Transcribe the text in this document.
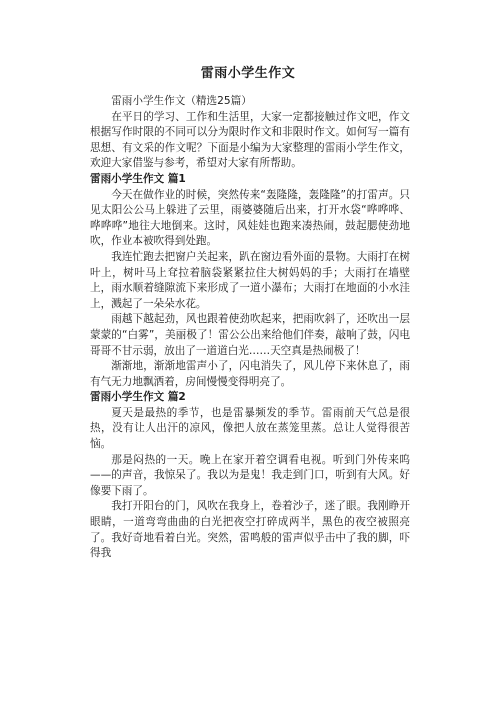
雷雨小学生作文

雷雨小学生作文（精选25篇）

在平日的学习、工作和生活里，大家一定都接触过作文吧，作文根据写作时限的不同可以分为限时作文和非限时作文。如何写一篇有思想、有文采的作文呢？下面是小编为大家整理的雷雨小学生作文，欢迎大家借鉴与参考，希望对大家有所帮助。

雷雨小学生作文 篇1

今天在做作业的时候，突然传来“轰隆隆，轰隆隆”的打雷声。只见太阳公公马上躲进了云里，雨婆婆随后出来，打开水袋“哗哗哗、哗哗哗”地往大地倒来。这时，风娃娃也跑来凑热闹，鼓起腮使劲地吹，作业本被吹得到处跑。

我连忙跑去把窗户关起来，趴在窗边看外面的景物。大雨打在树叶上，树叶马上耷拉着脑袋紧紧拉住大树妈妈的手；大雨打在墙壁上，雨水顺着缝隙流下来形成了一道小瀑布；大雨打在地面的小水洼上，溅起了一朵朵水花。

雨越下越起劲，风也跟着使劲吹起来，把雨吹斜了，还吹出一层蒙蒙的“白雾”，美丽极了！雷公公出来给他们伴奏，敲响了鼓，闪电哥哥不甘示弱，放出了一道道白光……天空真是热闹极了！

渐渐地，渐渐地雷声小了，闪电消失了，风儿停下来休息了，雨有气无力地飘洒着，房间慢慢变得明亮了。

雷雨小学生作文 篇2

夏天是最热的季节，也是雷暴频发的季节。雷雨前天气总是很热，没有让人出汗的凉风，像把人放在蒸笼里蒸。总让人觉得很苦恼。

那是闷热的一天。晚上在家开着空调看电视。听到门外传来呜——的声音，我惊呆了。我以为是鬼！我走到门口，听到有大风。好像要下雨了。

我打开阳台的门，风吹在我身上，卷着沙子，迷了眼。我刚睁开眼睛，一道弯弯曲曲的白光把夜空打碎成两半，黑色的夜空被照亮了。我好奇地看着白光。突然，雷鸣般的雷声似乎击中了我的脚，吓得我
